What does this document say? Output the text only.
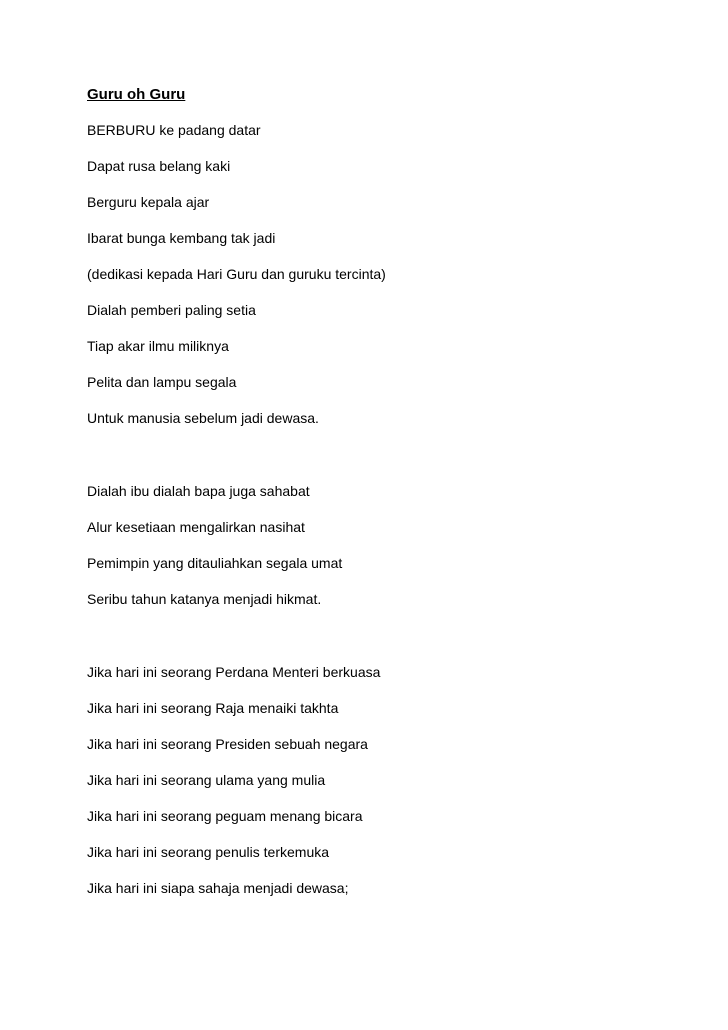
Guru oh Guru
BERBURU ke padang datar
Dapat rusa belang kaki
Berguru kepala ajar
Ibarat bunga kembang tak jadi
(dedikasi kepada Hari Guru dan guruku tercinta)
Dialah pemberi paling setia
Tiap akar ilmu miliknya
Pelita dan lampu segala
Untuk manusia sebelum jadi dewasa.
Dialah ibu dialah bapa juga sahabat
Alur kesetiaan mengalirkan nasihat
Pemimpin yang ditauliahkan segala umat
Seribu tahun katanya menjadi hikmat.
Jika hari ini seorang Perdana Menteri berkuasa
Jika hari ini seorang Raja menaiki takhta
Jika hari ini seorang Presiden sebuah negara
Jika hari ini seorang ulama yang mulia
Jika hari ini seorang peguam menang bicara
Jika hari ini seorang penulis terkemuka
Jika hari ini siapa sahaja menjadi dewasa;
